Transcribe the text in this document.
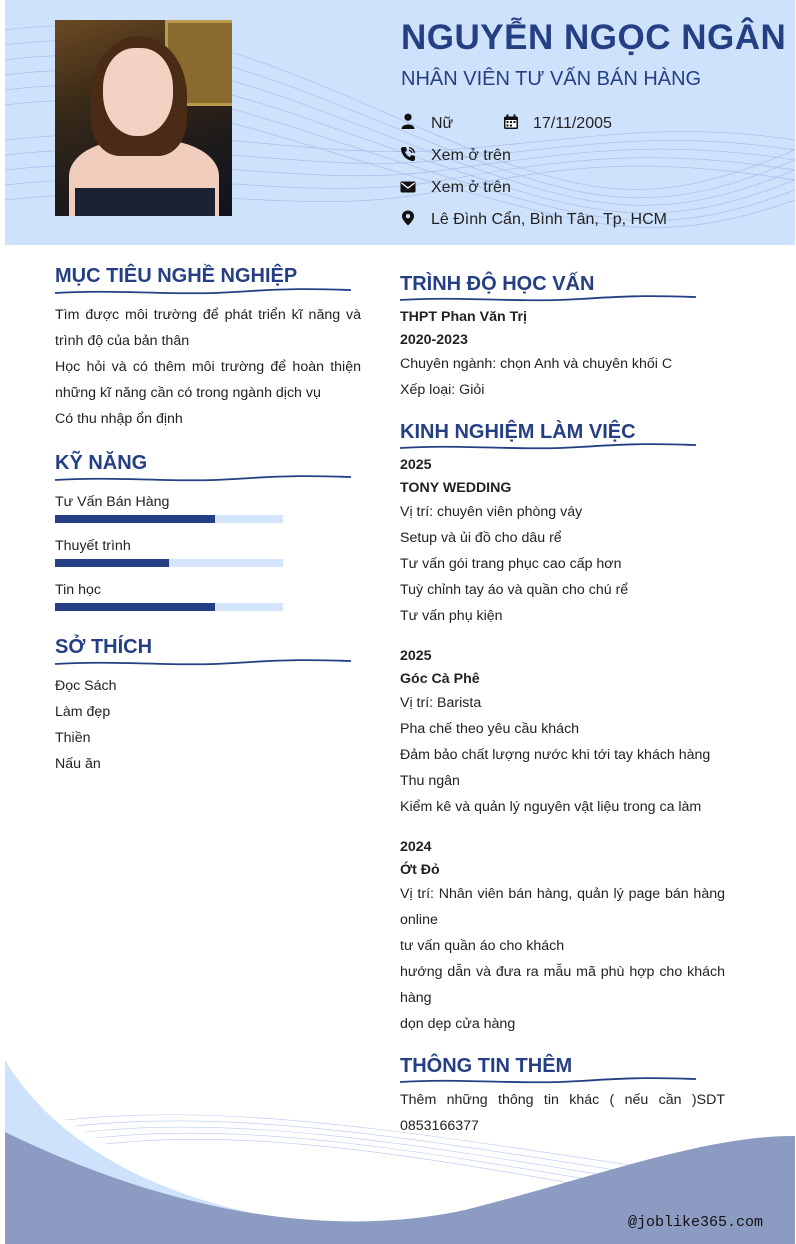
NGUYỄN NGỌC NGÂN
NHÂN VIÊN TƯ VẤN BÁN HÀNG
Nữ	17/11/2005
Xem ở trên
Xem ở trên
Lê Đình Cẩn, Bình Tân, Tp, HCM
MỤC TIÊU NGHỀ NGHIỆP
Tìm được môi trường để phát triển kĩ năng và trình độ của bản thân
Học hỏi và có thêm môi trường để hoàn thiện những kĩ năng cần có trong ngành dịch vụ
Có thu nhập ổn định
KỸ NĂNG
Tư Vấn Bán Hàng
Thuyết trình
Tin học
SỞ THÍCH
Đọc Sách
Làm đẹp
Thiền
Nấu ăn
TRÌNH ĐỘ HỌC VẤN
THPT Phan Văn Trị
2020-2023
Chuyên ngành: chọn Anh và chuyên khối C
Xếp loại: Giỏi
KINH NGHIỆM LÀM VIỆC
2025
TONY WEDDING
Vị trí: chuyên viên phòng váy
Setup và ủi đồ cho dâu rể
Tư vấn gói trang phục cao cấp hơn
Tuỳ chỉnh tay áo và quần cho chú rể
Tư vấn phụ kiện
2025
Góc Cà Phê
Vị trí: Barista
Pha chế theo yêu cầu khách
Đảm bảo chất lượng nước khi tới tay khách hàng
Thu ngân
Kiểm kê và quản lý nguyên vật liệu trong ca làm
2024
Ớt Đỏ
Vị trí: Nhân viên bán hàng, quản lý page bán hàng online
tư vấn quần áo cho khách
hướng dẫn và đưa ra mẫu mã phù hợp cho khách hàng
dọn dẹp cửa hàng
THÔNG TIN THÊM
Thêm những thông tin khác ( nếu cần )SDT 0853166377
@joblike365.com
